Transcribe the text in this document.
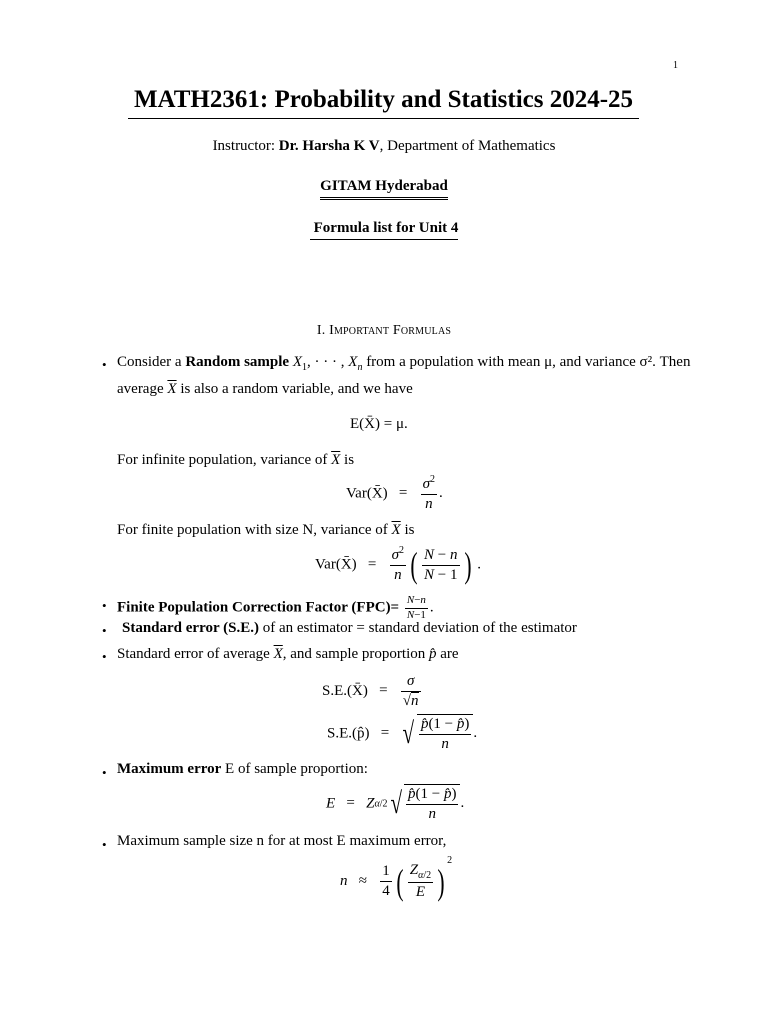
1
MATH2361: Probability and Statistics 2024-25
Instructor: Dr. Harsha K V, Department of Mathematics
GITAM Hyderabad
Formula list for Unit 4
I. Important Formulas
• Consider a Random sample $X_1$, · · · , $X_n$ from a population with mean μ, and variance σ². Then
average $\overline{X}$ is also a random variable, and we have
E(X̄) = μ.
For infinite population, variance of $\overline{X}$ is
Var(X̄)   = $\frac{\sigma^2}{n}$ .
For finite population with size N, variance of $\overline{X}$ is
Var(X̄)   = $\frac{\sigma^2}{n}$ ( $\frac{N - n}{N - 1}$ ) .
• Finite Population Correction Factor $(FPC)= \frac{N-n}{N-1}$ .
• Standard error (S.E.) of an estimator = standard deviation of the estimator
• Standard error of average $\overline{X}$, and sample proportion p̂ are
S.E.(X̄)   = $\frac{\sigma}{√n}$
S.E.(p̂)   =   √ $\frac{p̂(1 - p̂)}{n}$ .
• Maximum error E of sample proportion:
$E = Z\alpha/2√ \frac{p̂(1 - p̂)}{n}$ .
• Maximum sample size n for at most E maximum error,
$n \approx \frac{1}{4}$ ( $\frac{Z_{\alpha/2}}{E} )^2$
